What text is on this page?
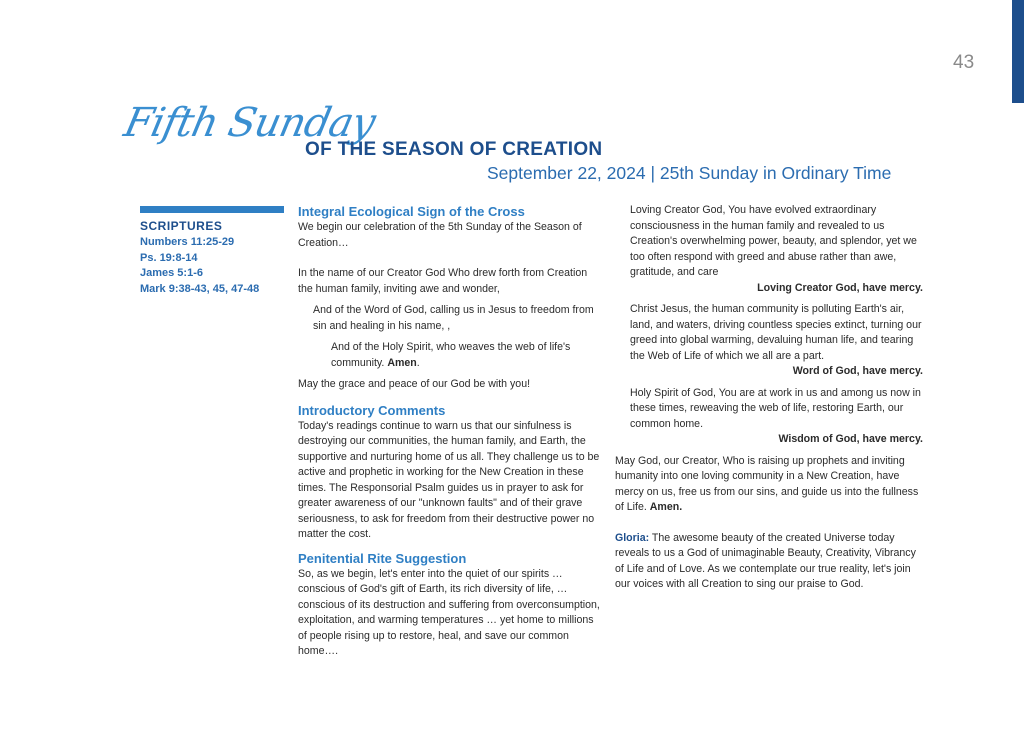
43
Fifth Sunday
OF THE SEASON OF CREATION
September 22, 2024 | 25th Sunday in Ordinary Time
SCRIPTURES
Numbers 11:25-29
Ps. 19:8-14
James 5:1-6
Mark 9:38-43, 45, 47-48
Integral Ecological Sign of the Cross

We begin our celebration of the 5th Sunday of the Season of Creation…

In the name of our Creator God Who drew forth from Creation the human family, inviting awe and wonder,

And of the Word of God, calling us in Jesus to freedom from sin and healing in his name, ,

And of the Holy Spirit, who weaves the web of life's community. Amen.

May the grace and peace of our God be with you!

Introductory Comments

Today's readings continue to warn us that our sinfulness is destroying our communities, the human family, and Earth, the supportive and nurturing home of us all. They challenge us to be active and prophetic in working for the New Creation in these times. The Responsorial Psalm guides us in prayer to ask for greater awareness of our "unknown faults" and of their grave seriousness, to ask for freedom from their destructive power no matter the cost.

Penitential Rite Suggestion

So, as we begin, let's enter into the quiet of our spirits … conscious of God's gift of Earth, its rich diversity of life, … conscious of its destruction and suffering from overconsumption, exploitation, and warming temperatures … yet home to millions of people rising up to restore, heal, and save our common home….

Loving Creator God, You have evolved extraordinary consciousness in the human family and revealed to us Creation's overwhelming power, beauty, and splendor, yet we too often respond with greed and abuse rather than awe, gratitude, and care

Loving Creator God, have mercy.

Christ Jesus, the human community is polluting Earth's air, land, and waters, driving countless species extinct, turning our greed into global warming, devaluing human life, and tearing the Web of Life of which we all are a part.

Word of God, have mercy.

Holy Spirit of God, You are at work in us and among us now in these times, reweaving the web of life, restoring Earth, our common home.

Wisdom of God, have mercy.

May God, our Creator, Who is raising up prophets and inviting humanity into one loving community in a New Creation, have mercy on us, free us from our sins, and guide us into the fullness of Life. Amen.

Gloria: The awesome beauty of the created Universe today reveals to us a God of unimaginable Beauty, Creativity, Vibrancy of Life and of Love. As we contemplate our true reality, let's join our voices with all Creation to sing our praise to God.
